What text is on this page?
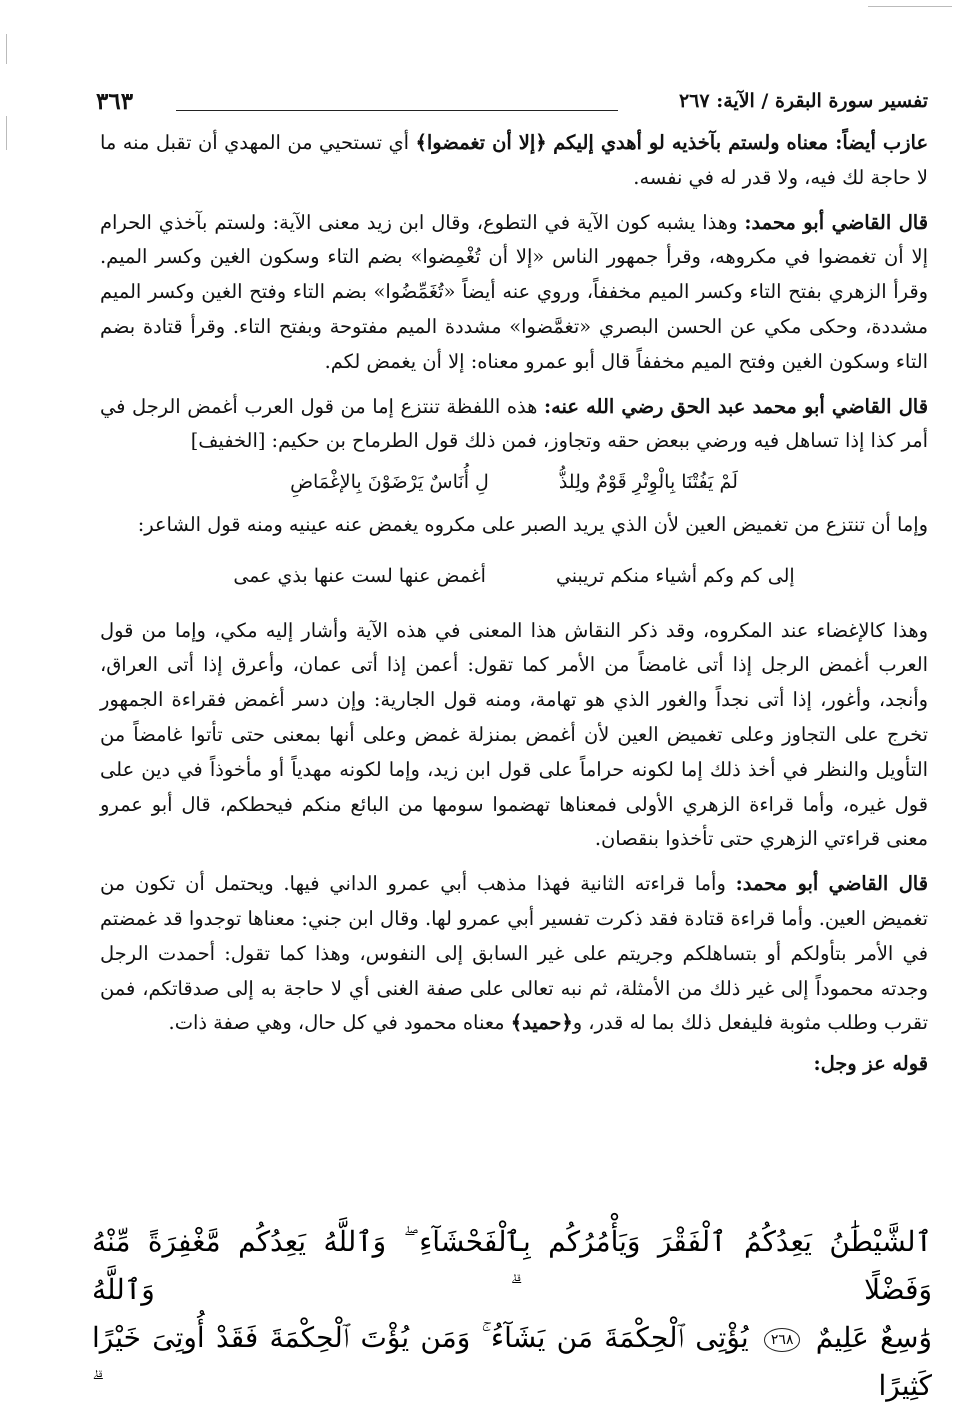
تفسير سورة البقرة / الآية: ٢٦٧
٣٦٣

عازب أيضاً: معناه ولستم بآخذيه لو أهدي إليكم ﴿إلا أن تغمضوا﴾ أي تستحيي من المهدي أن تقبل منه ما لا حاجة لك فيه، ولا قدر له في نفسه.

قال القاضي أبو محمد: وهذا يشبه كون الآية في التطوع، وقال ابن زيد معنى الآية: ولستم بآخذي الحرام إلا أن تغمضوا في مكروهه، وقرأ جمهور الناس «إلا أن تُغْمِضوا» بضم التاء وسكون الغين وكسر الميم. وقرأ الزهري بفتح التاء وكسر الميم مخففاً، وروي عنه أيضاً «تُغَمِّضُوا» بضم التاء وفتح الغين وكسر الميم مشددة، وحكى مكي عن الحسن البصري «تغمَّضوا» مشددة الميم مفتوحة وبفتح التاء. وقرأ قتادة بضم التاء وسكون الغين وفتح الميم مخففاً قال أبو عمرو معناه: إلا أن يغمض لكم.

قال القاضي أبو محمد عبد الحق رضي الله عنه: هذه اللفظة تنتزع إما من قول العرب أغمض الرجل في أمر كذا إذا تساهل فيه ورضي ببعض حقه وتجاوز، فمن ذلك قول الطرماح بن حكيم: [الخفيف]

لَمْ يَفُتْنَا بِالْوِتْرِ قَوْمٌ ولِلذُّ
لِ أُنَاسٌ يَرْضَوْنَ بِالإغْمَاضِ

وإما أن تنتزع من تغميض العين لأن الذي يريد الصبر على مكروه يغمض عنه عينيه ومنه قول الشاعر:

إلى كم وكم أشياء منكم تريبني
أغمض عنها لست عنها بذي عمى

وهذا كالإغضاء عند المكروه، وقد ذكر النقاش هذا المعنى في هذه الآية وأشار إليه مكي، وإما من قول العرب أغمض الرجل إذا أتى غامضاً من الأمر كما تقول: أعمن إذا أتى عمان، وأعرق إذا أتى العراق، وأنجد، وأغور، إذا أتى نجداً والغور الذي هو تهامة، ومنه قول الجارية: وإن دسر أغمض فقراءة الجمهور تخرج على التجاوز وعلى تغميض العين لأن أغمض بمنزلة غمض وعلى أنها بمعنى حتى تأتوا غامضاً من التأويل والنظر في أخذ ذلك إما لكونه حراماً على قول ابن زيد، وإما لكونه مهدياً أو مأخوذاً في دين على قول غيره، وأما قراءة الزهري الأولى فمعناها تهضموا سومها من البائع منكم فيحطكم، قال أبو عمرو معنى قراءتي الزهري حتى تأخذوا بنقصان.

قال القاضي أبو محمد: وأما قراءته الثانية فهذا مذهب أبي عمرو الداني فيها. ويحتمل أن تكون من تغميض العين. وأما قراءة قتادة فقد ذكرت تفسير أبي عمرو لها. وقال ابن جني: معناها توجدوا قد غمضتم في الأمر بتأولكم أو بتساهلكم وجريتم على غير السابق إلى النفوس، وهذا كما تقول: أحمدت الرجل وجدته محموداً إلى غير ذلك من الأمثلة، ثم نبه تعالى على صفة الغنى أي لا حاجة به إلى صدقاتكم، فمن تقرب وطلب مثوبة فليفعل ذلك بما له قدر، و﴿حميد﴾ معناه محمود في كل حال، وهي صفة ذات.

قوله عز وجل:

ٱلشَّيْطَٰنُ يَعِدُكُمُ ٱلْفَقْرَ وَيَأْمُرُكُم بِٱلْفَحْشَآءِ ۖ وَٱللَّهُ يَعِدُكُم مَّغْفِرَةً مِّنْهُ وَفَضْلًا ۗ وَٱللَّهُ
وَٰسِعٌ عَلِيمٌ ٢٦٨ يُؤْتِى ٱلْحِكْمَةَ مَن يَشَآءُ ۚ وَمَن يُؤْتَ ٱلْحِكْمَةَ فَقَدْ أُوتِىَ خَيْرًا كَثِيرًا ۗ
